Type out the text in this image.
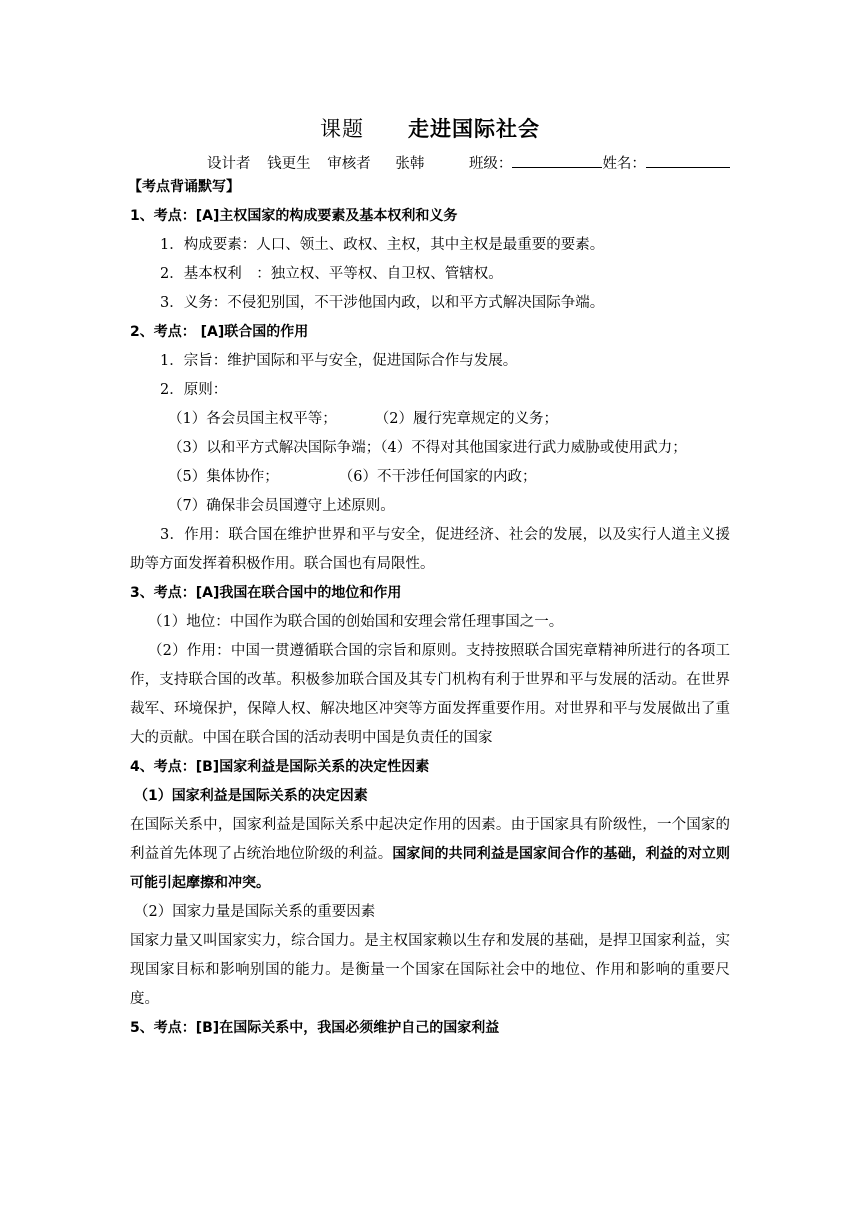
课题 走进国际社会
设计者 钱更生 审核者 张韩	班级：	姓名：
【考点背诵默写】
1、考点：[A]主权国家的构成要素及基本权利和义务
1．构成要素：人口、领土、政权、主权，其中主权是最重要的要素。
2．基本权利　：独立权、平等权、自卫权、管辖权。
3．义务：不侵犯别国，不干涉他国内政，以和平方式解决国际争端。
2、考点： [A]联合国的作用
1．宗旨：维护国际和平与安全，促进国际合作与发展。
2．原则：
（1）各会员国主权平等；	（2）履行宪章规定的义务；
（3）以和平方式解决国际争端；（4）不得对其他国家进行武力威胁或使用武力；
（5）集体协作；	（6）不干涉任何国家的内政；
（7）确保非会员国遵守上述原则。
3．作用：联合国在维护世界和平与安全，促进经济、社会的发展，以及实行人道主义援助等方面发挥着积极作用。联合国也有局限性。
3、考点：[A]我国在联合国中的地位和作用
（1）地位：中国作为联合国的创始国和安理会常任理事国之一。
（2）作用：中国一贯遵循联合国的宗旨和原则。支持按照联合国宪章精神所进行的各项工作，支持联合国的改革。积极参加联合国及其专门机构有利于世界和平与发展的活动。在世界裁军、环境保护，保障人权、解决地区冲突等方面发挥重要作用。对世界和平与发展做出了重大的贡献。中国在联合国的活动表明中国是负责任的国家
4、考点：[B]国家利益是国际关系的决定性因素
（1）国家利益是国际关系的决定因素
在国际关系中，国家利益是国际关系中起决定作用的因素。由于国家具有阶级性，一个国家的利益首先体现了占统治地位阶级的利益。国家间的共同利益是国家间合作的基础，利益的对立则可能引起摩擦和冲突。
（2）国家力量是国际关系的重要因素
国家力量又叫国家实力，综合国力。是主权国家赖以生存和发展的基础，是捍卫国家利益，实现国家目标和影响别国的能力。是衡量一个国家在国际社会中的地位、作用和影响的重要尺度。
5、考点：[B]在国际关系中，我国必须维护自己的国家利益
